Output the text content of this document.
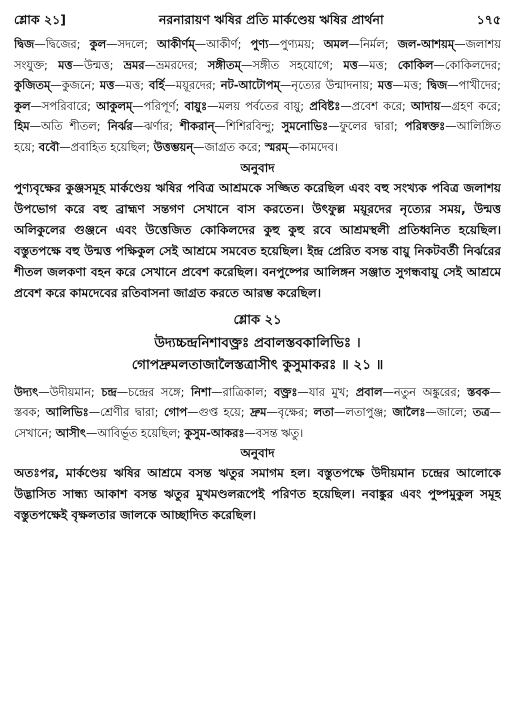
শ্লোক ২১]	নরনারায়ণ ঋষির প্রতি মার্কণ্ডেয় ঋষির প্রার্থনা	১৭৫

দ্বিজ—দ্বিজের; কুল—সদলে; আকীর্ণম্—আকীর্ণ; পুণ্য—পুণ্যময়; অমল—নির্মল; জল-আশয়ম্—জলাশয় সংযুক্ত; মত্ত—উন্মত্ত; ভ্রমর—ভ্রমরদের; সঙ্গীতম্—সঙ্গীত সহযোগে; মত্ত—মত্ত; কোকিল—কোকিলদের; কুজিতম্—কুজনে; মত্ত—মত্ত; বর্হি—ময়ূরদের; নট-আটোপম্—নৃত্যের উন্মাদনায়; মত্ত—মত্ত; দ্বিজ—পাখীদের; কুল—সপরিবারে; আকুলম্—পরিপূর্ণ; বায়ুঃ—মলয় পর্বতের বায়ু; প্রবিষ্টঃ—প্রবেশ করে; আদায়—গ্রহণ করে; হিম—অতি শীতল; নির্ঝর—ঝর্ণার; শীকরান্—শিশিরবিন্দু; সুমনোভিঃ—ফুলের দ্বারা; পরিষ্বক্তঃ—আলিঙ্গিত হয়ে; ববৌ—প্রবাহিত হয়েছিল; উত্তম্ভয়ন্—জাগ্রত করে; স্মরম্—কামদেব।

অনুবাদ

পুণ্যবৃক্ষের কুঞ্জসমূহ মার্কণ্ডেয় ঋষির পবিত্র আশ্রমকে সজ্জিত করেছিল এবং বহু সংখ্যক পবিত্র জলাশয় উপভোগ করে বহু ব্রাহ্মণ সন্তগণ সেখানে বাস করতেন। উৎফুল্ল ময়ূরদের নৃত্যের সময়, উন্মত্ত অলিকুলের গুঞ্জনে এবং উত্তেজিত কোকিলদের কুহু কুহু রবে আশ্রমস্থলী প্রতিধ্বনিত হয়েছিল। বস্তুতপক্ষে বহু উন্মত্ত পক্ষিকুল সেই আশ্রমে সমবেত হয়েছিল। ইন্দ্র প্রেরিত বসন্ত বায়ু নিকটবর্তী নির্ঝরের শীতল জলকণা বহন করে সেখানে প্রবেশ করেছিল। বনপুষ্পের আলিঙ্গন সঞ্জাত সুগন্ধবায়ু সেই আশ্রমে প্রবেশ করে কামদেবের রতিবাসনা জাগ্রত করতে আরম্ভ করেছিল।

শ্লোক ২১
উদ্যচ্চন্দ্রনিশাবক্ত্রঃ প্রবালস্তবকালিভিঃ ।
গোপদ্রুমলতাজালৈস্তত্রাসীৎ কুসুমাকরঃ ॥ ২১ ॥

উদ্যৎ—উদীয়মান; চন্দ্র—চন্দ্রের সঙ্গে; নিশা—রাত্রিকাল; বক্ত্রঃ—যার মুখ; প্রবাল—নতুন অঙ্কুরের; স্তবক—স্তবক; আলিভিঃ—শ্রেণীর দ্বারা; গোপ—গুপ্ত হয়ে; দ্রুম—বৃক্ষের; লতা—লতাপুঞ্জ; জালৈঃ—জালে; তত্র—সেখানে; আসীৎ—আবির্ভূত হয়েছিল; কুসুম-আকরঃ—বসন্ত ঋতু।

অনুবাদ

অতঃপর, মার্কণ্ডেয় ঋষির আশ্রমে বসন্ত ঋতুর সমাগম হল। বস্তুতপক্ষে উদীয়মান চন্দ্রের আলোকে উদ্ভাসিত সান্ধ্য আকাশ বসন্ত ঋতুর মুখমণ্ডলরূপেই পরিণত হয়েছিল। নবাঙ্কুর এবং পুষ্পমুকুল সমূহ বস্তুতপক্ষেই বৃক্ষলতার জালকে আচ্ছাদিত করেছিল।
